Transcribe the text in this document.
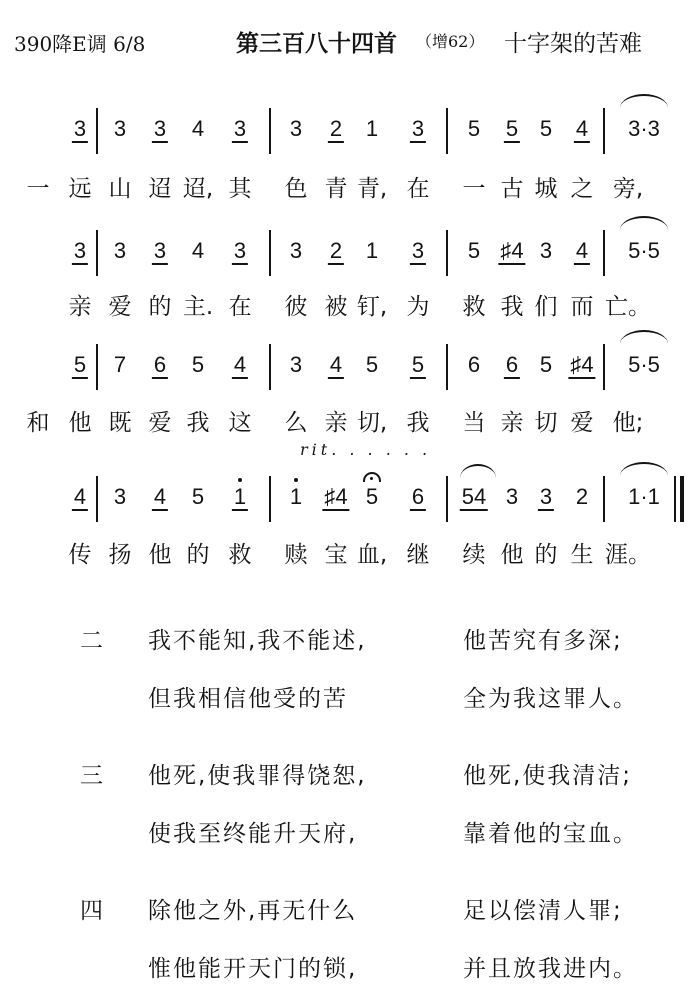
390降E调 6/8	第三百八十四首 （增62） 十字架的苦难
3 3 3 4 3 3 2 1 3 5 5 5 4 3·3
一 远 山 迢 迢, 其 色 青 青, 在 一 古 城 之 旁,
3 3 3 4 3 3 2 1 3 5 ♯4 3 4 5·5
亲 爱 的 主. 在 彼 被 钉, 为 救 我 们 而 亡。
5 7 6 5 4 3 4 5 5 6 6 5 ♯4 5·5
和 他 既 爱 我 这 么 亲 切, 我 当 亲 切 爱 他;
4 3 4 5 1 1 ♯4 5 6 54 3 3 2 1·1
传 扬 他 的 救 赎 宝 血, 继 续 他 的 生 涯。
rit. . . . . .
二 我不能知,我不能述,	他苦究有多深;
但我相信他受的苦	全为我这罪人。
三 他死,使我罪得饶恕,	他死,使我清洁;
使我至终能升天府,	靠着他的宝血。
四 除他之外,再无什么	足以偿清人罪;
惟他能开天门的锁,	并且放我进内。
